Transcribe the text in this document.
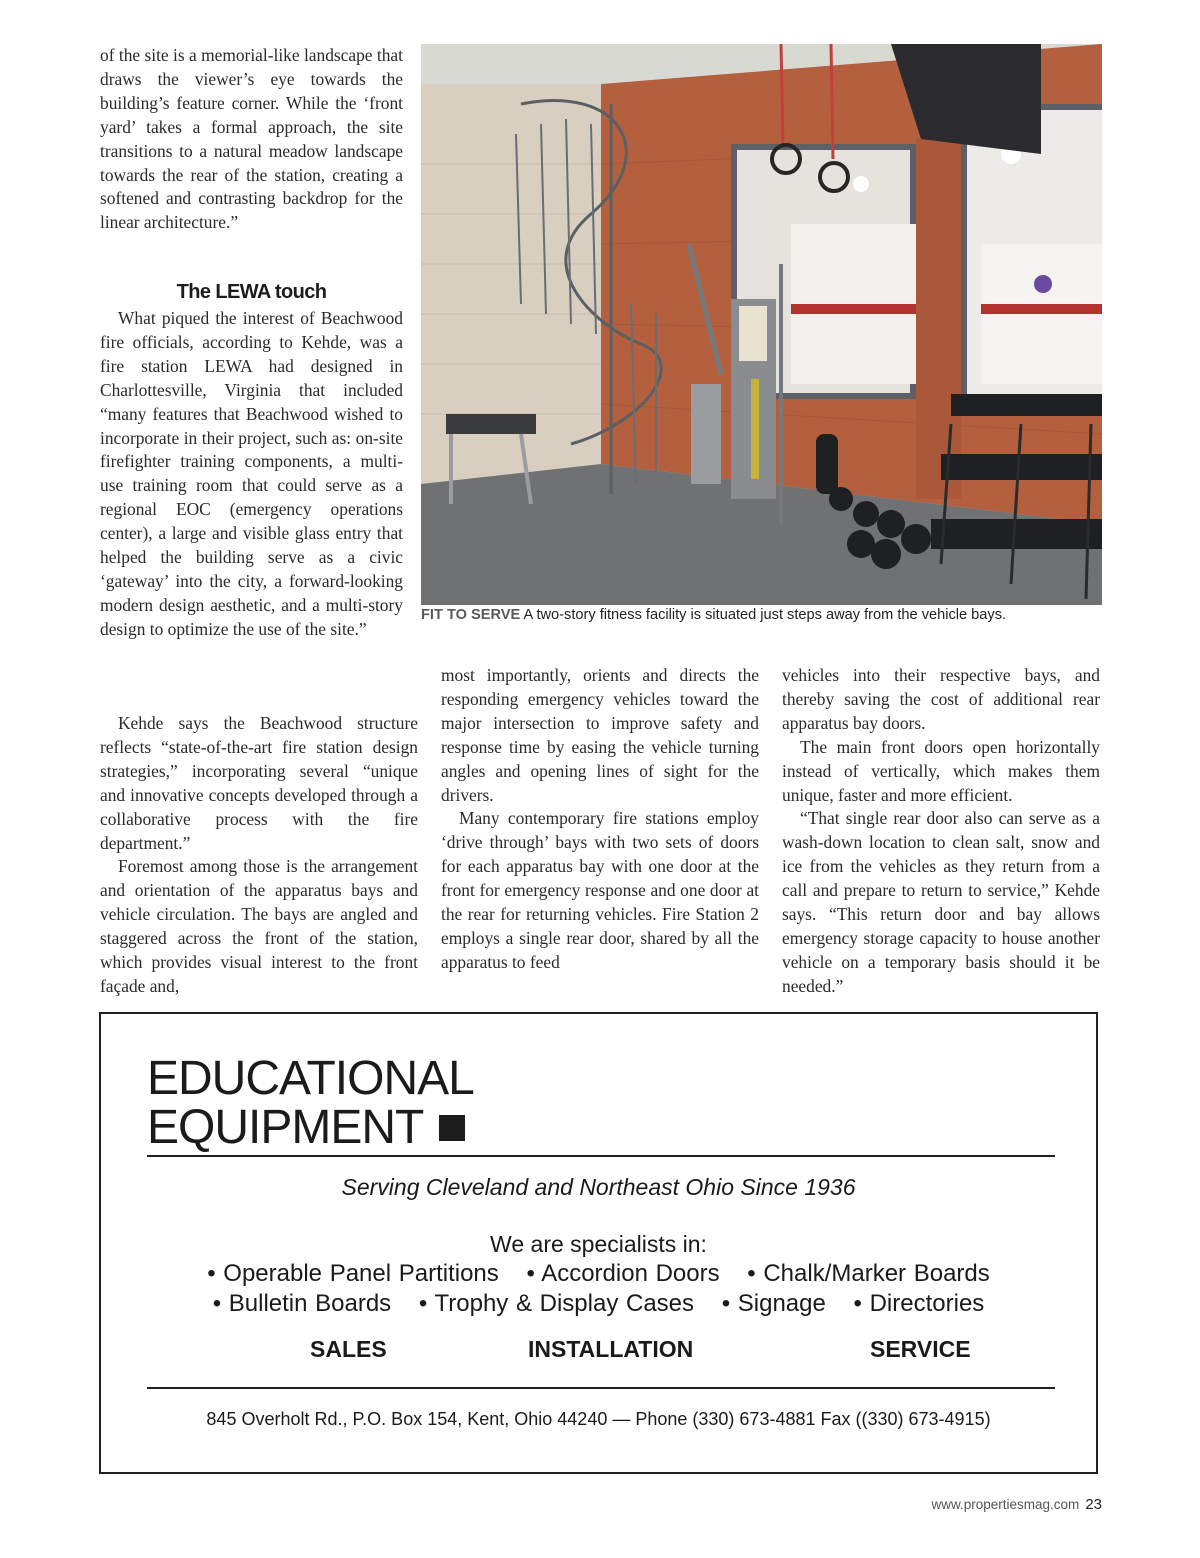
of the site is a memorial-like landscape that draws the viewer’s eye towards the building’s feature corner. While the ‘front yard’ takes a formal approach, the site transitions to a natural meadow landscape towards the rear of the station, creating a softened and contrasting backdrop for the linear architecture.”

The LEWA touch

What piqued the interest of Beachwood fire officials, according to Kehde, was a fire station LEWA had designed in Charlottesville, Virginia that included “many features that Beachwood wished to incorporate in their project, such as: on-site firefighter training components, a multi-use training room that could serve as a regional EOC (emergency operations center), a large and visible glass entry that helped the building serve as a civic ‘gateway’ into the city, a forward-looking modern design aesthetic, and a multi-story design to optimize the use of the site.”

Kehde says the Beachwood structure reflects “state-of-the-art fire station design strategies,” incorporating several “unique and innovative concepts developed through a collaborative process with the fire department.”

Foremost among those is the arrangement and orientation of the apparatus bays and vehicle circulation. The bays are angled and staggered across the front of the station, which provides visual interest to the front façade and,

FIT TO SERVE A two-story fitness facility is situated just steps away from the vehicle bays.

most importantly, orients and directs the responding emergency vehicles toward the major intersection to improve safety and response time by easing the vehicle turning angles and opening lines of sight for the drivers.

Many contemporary fire stations employ ‘drive through’ bays with two sets of doors for each apparatus bay with one door at the front for emergency response and one door at the rear for returning vehicles. Fire Station 2 employs a single rear door, shared by all the apparatus to feed

vehicles into their respective bays, and thereby saving the cost of additional rear apparatus bay doors.

The main front doors open horizontally instead of vertically, which makes them unique, faster and more efficient.

“That single rear door also can serve as a wash-down location to clean salt, snow and ice from the vehicles as they return from a call and prepare to return to service,” Kehde says. “This return door and bay allows emergency storage capacity to house another vehicle on a temporary basis should it be needed.”

EDUCATIONAL
EQUIPMENT
Serving Cleveland and Northeast Ohio Since 1936
We are specialists in:
• Operable Panel Partitions • Accordion Doors • Chalk/Marker Boards
• Bulletin Boards • Trophy & Display Cases • Signage • Directories
SALES	INSTALLATION	SERVICE
845 Overholt Rd., P.O. Box 154, Kent, Ohio 44240 — Phone (330) 673-4881 Fax ((330) 673-4915)
www.propertiesmag.com 23
